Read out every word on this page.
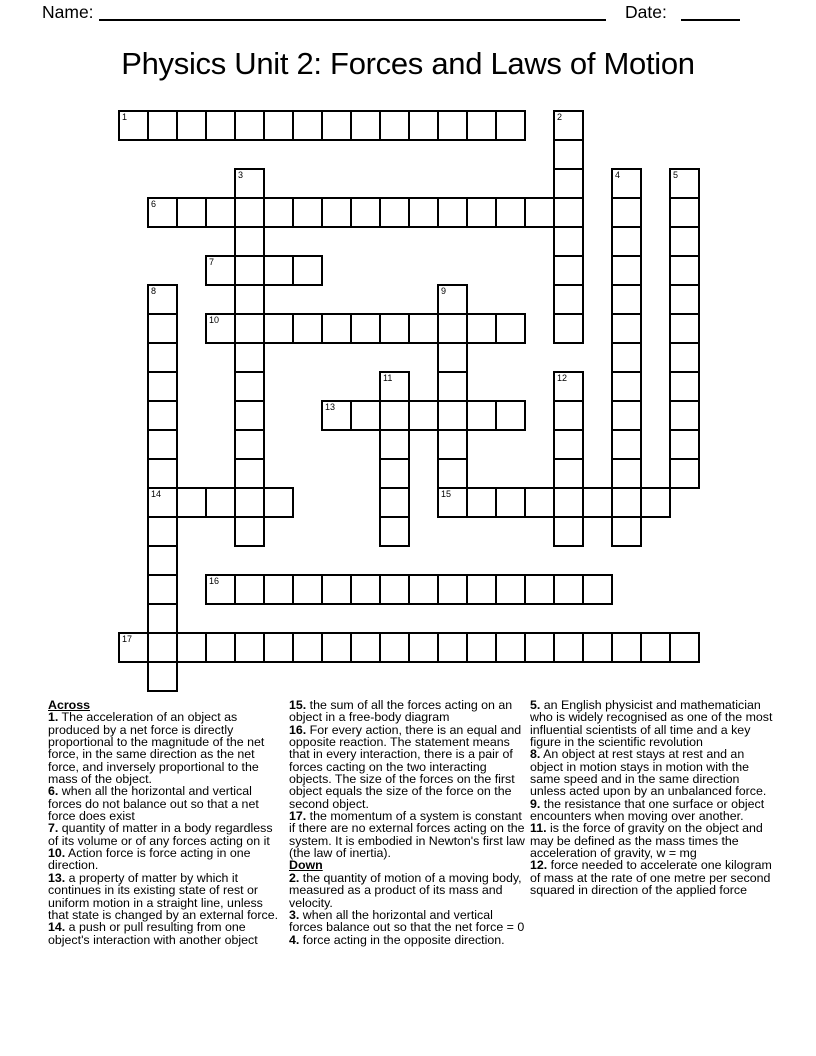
Name:	Date:
Physics Unit 2: Forces and Laws of Motion
1	2
3	4	5
6
7
8
14
9
15
10
11	12
13
16
17

Across

1. The acceleration of an object as produced by a net force is directly proportional to the magnitude of the net force, in the same direction as the net force, and inversely proportional to the mass of the object.

6. when all the horizontal and vertical forces do not balance out so that a net force does exist

7. quantity of matter in a body regardless of its volume or of any forces acting on it

10. Action force is force acting in one direction.

13. a property of matter by which it continues in its existing state of rest or uniform motion in a straight line, unless that state is changed by an external force.

14. a push or pull resulting from one object's interaction with another object

15. the sum of all the forces acting on an object in a free-body diagram

16. For every action, there is an equal and opposite reaction. The statement means that in every interaction, there is a pair of forces cacting on the two interacting objects. The size of the forces on the first object equals the size of the force on the second object.

17. the momentum of a system is constant if there are no external forces acting on the system. It is embodied in Newton's first law (the law of inertia).

Down

2. the quantity of motion of a moving body, measured as a product of its mass and velocity.

3. when all the horizontal and vertical forces balance out so that the net force = 0

4. force acting in the opposite direction.

5. an English physicist and mathematician who is widely recognised as one of the most influential scientists of all time and a key figure in the scientific revolution

8. An object at rest stays at rest and an object in motion stays in motion with the same speed and in the same direction unless acted upon by an unbalanced force.

9. the resistance that one surface or object encounters when moving over another.

11. is the force of gravity on the object and may be defined as the mass times the acceleration of gravity, w = mg

12. force needed to accelerate one kilogram of mass at the rate of one metre per second squared in direction of the applied force
